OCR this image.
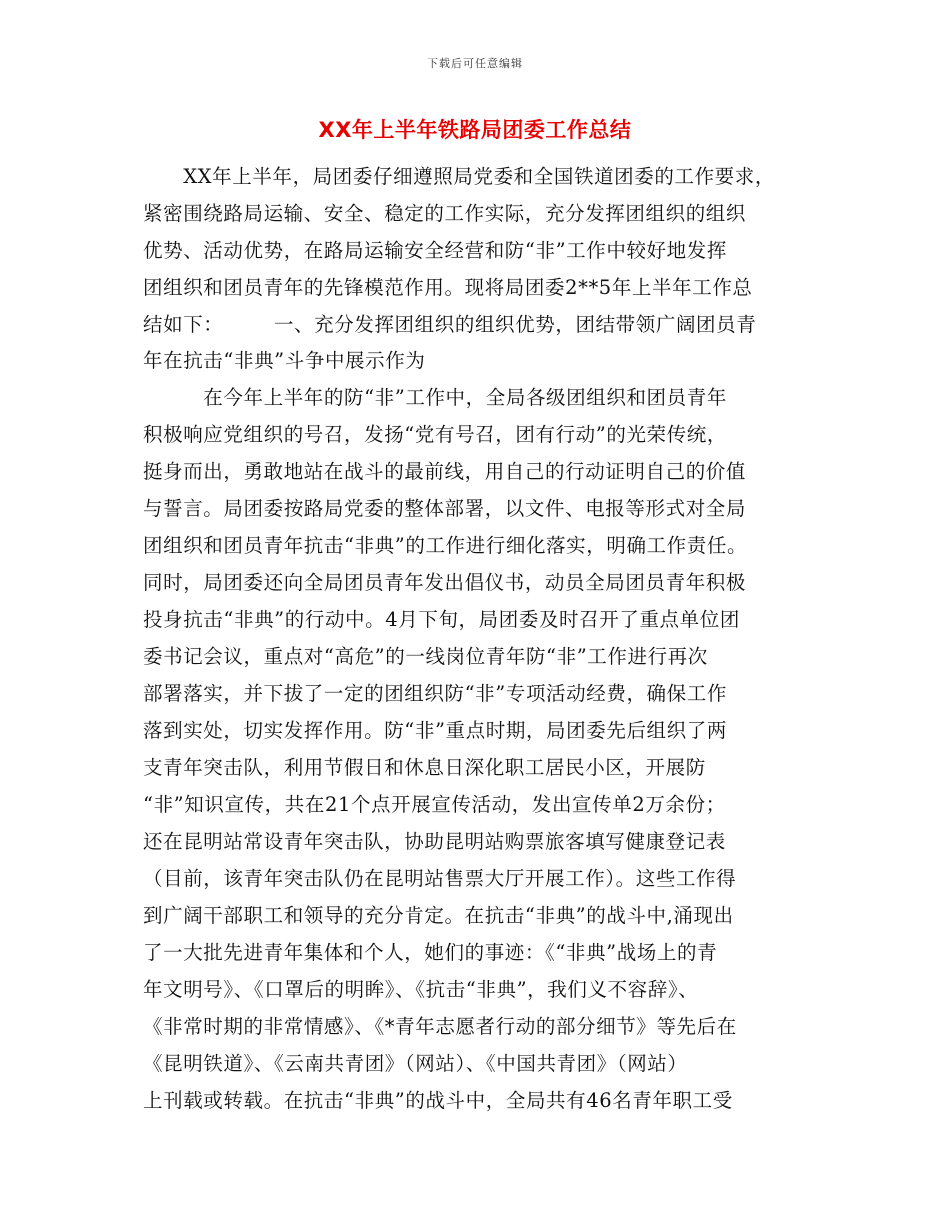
下载后可任意编辑
XX年上半年铁路局团委工作总结
　　XX年上半年，局团委仔细遵照局党委和全国铁道团委的工作要求，
紧密围绕路局运输、安全、稳定的工作实际，充分发挥团组织的组织
优势、活动优势，在路局运输安全经营和防“非”工作中较好地发挥
团组织和团员青年的先锋模范作用。现将局团委2**5年上半年工作总
结如下：　　　一、充分发挥团组织的组织优势，团结带领广阔团员青
年在抗击“非典”斗争中展示作为
　　　在今年上半年的防“非”工作中，全局各级团组织和团员青年
积极响应党组织的号召，发扬“党有号召，团有行动”的光荣传统，
挺身而出，勇敢地站在战斗的最前线，用自己的行动证明自己的价值
与誓言。局团委按路局党委的整体部署，以文件、电报等形式对全局
团组织和团员青年抗击“非典”的工作进行细化落实，明确工作责任。
同时，局团委还向全局团员青年发出倡仪书，动员全局团员青年积极
投身抗击“非典”的行动中。4月下旬，局团委及时召开了重点单位团
委书记会议，重点对“高危”的一线岗位青年防“非”工作进行再次
部署落实，并下拔了一定的团组织防“非”专项活动经费，确保工作
落到实处，切实发挥作用。防“非”重点时期，局团委先后组织了两
支青年突击队，利用节假日和休息日深化职工居民小区，开展防
“非”知识宣传，共在21个点开展宣传活动，发出宣传单2万余份；
还在昆明站常设青年突击队，协助昆明站购票旅客填写健康登记表
（目前，该青年突击队仍在昆明站售票大厅开展工作）。这些工作得
到广阔干部职工和领导的充分肯定。在抗击“非典”的战斗中,涌现出
了一大批先进青年集体和个人，她们的事迹：《“非典”战场上的青
年文明号》、《口罩后的明眸》、《抗击“非典”，我们义不容辞》、
《非常时期的非常情感》、《*青年志愿者行动的部分细节》等先后在
《昆明铁道》、《云南共青团》（网站）、《中国共青团》（网站）
上刊载或转载。在抗击“非典”的战斗中，全局共有46名青年职工受
